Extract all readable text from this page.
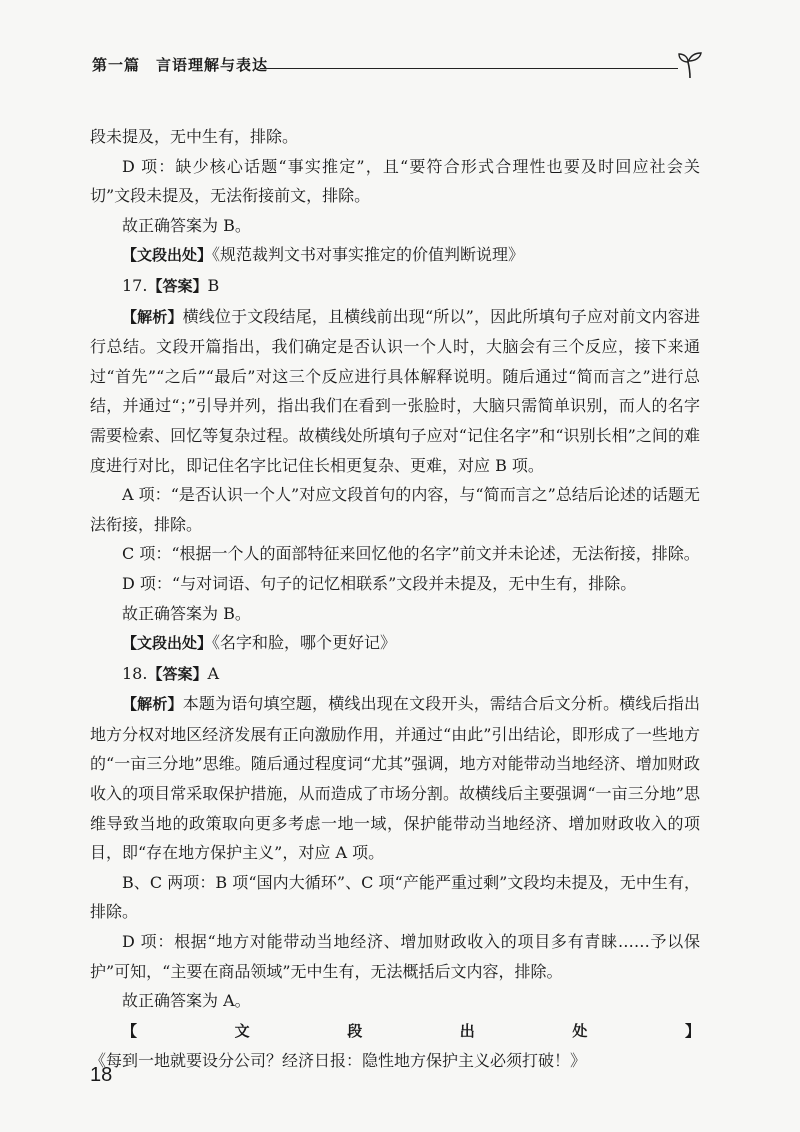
第一篇　言语理解与表达

段未提及，无中生有，排除。

D 项：缺少核心话题“事实推定”，且“要符合形式合理性也要及时回应社会关切”文段未提及，无法衔接前文，排除。

故正确答案为 B。

【文段出处】《规范裁判文书对事实推定的价值判断说理》

17.【答案】B

【解析】横线位于文段结尾，且横线前出现“所以”，因此所填句子应对前文内容进行总结。文段开篇指出，我们确定是否认识一个人时，大脑会有三个反应，接下来通过“首先”“之后”“最后”对这三个反应进行具体解释说明。随后通过“简而言之”进行总结，并通过“；”引导并列，指出我们在看到一张脸时，大脑只需简单识别，而人的名字需要检索、回忆等复杂过程。故横线处所填句子应对“记住名字”和“识别长相”之间的难度进行对比，即记住名字比记住长相更复杂、更难，对应 B 项。

A 项：“是否认识一个人”对应文段首句的内容，与“简而言之”总结后论述的话题无法衔接，排除。

C 项：“根据一个人的面部特征来回忆他的名字”前文并未论述，无法衔接，排除。

D 项：“与对词语、句子的记忆相联系”文段并未提及，无中生有，排除。

故正确答案为 B。

【文段出处】《名字和脸，哪个更好记》

18.【答案】A

【解析】本题为语句填空题，横线出现在文段开头，需结合后文分析。横线后指出地方分权对地区经济发展有正向激励作用，并通过“由此”引出结论，即形成了一些地方的“一亩三分地”思维。随后通过程度词“尤其”强调，地方对能带动当地经济、增加财政收入的项目常采取保护措施，从而造成了市场分割。故横线后主要强调“一亩三分地”思维导致当地的政策取向更多考虑一地一域，保护能带动当地经济、增加财政收入的项目，即“存在地方保护主义”，对应 A 项。

B、C 两项：B 项“国内大循环”、C 项“产能严重过剩”文段均未提及，无中生有，排除。

D 项：根据“地方对能带动当地经济、增加财政收入的项目多有青睐……予以保护”可知，“主要在商品领域”无中生有，无法概括后文内容，排除。

故正确答案为 A。

【文段出处】《每到一地就要设分公司？经济日报：隐性地方保护主义必须打破！》

18
